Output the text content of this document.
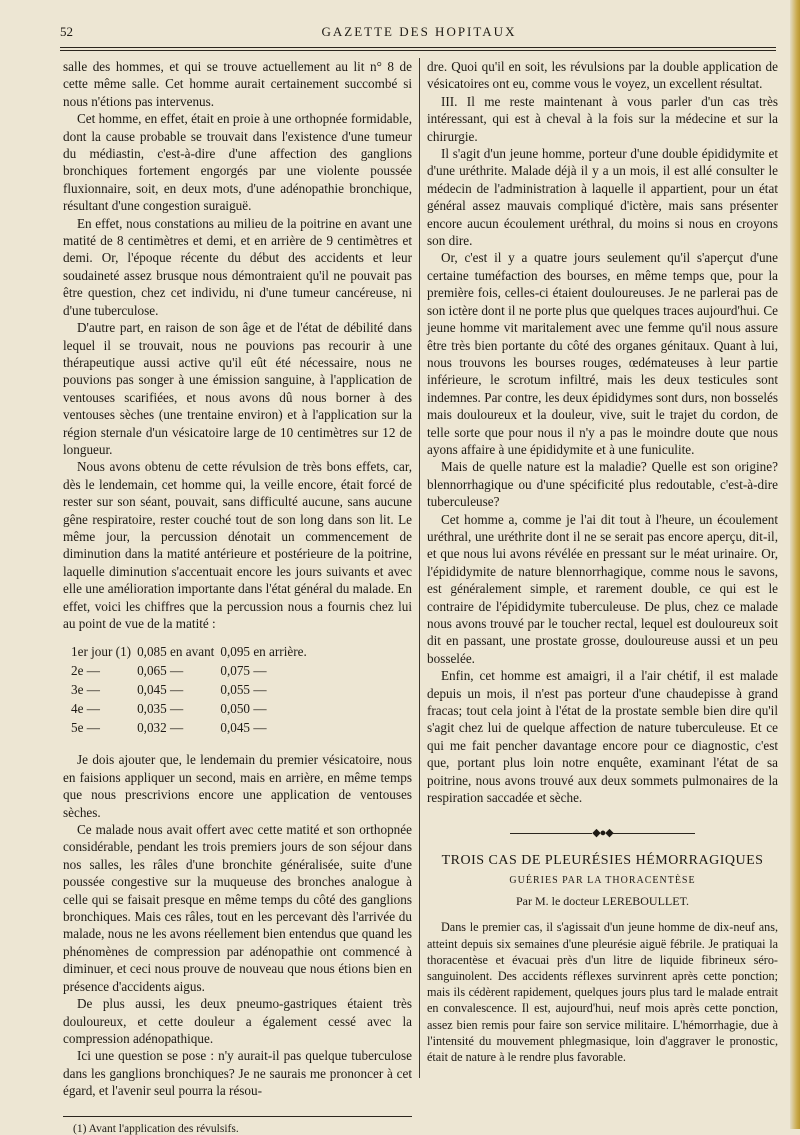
52	GAZETTE DES HOPITAUX

salle des hommes, et qui se trouve actuellement au lit n° 8 de cette même salle. Cet homme aurait certainement succombé si nous n'étions pas intervenus.

Cet homme, en effet, était en proie à une orthopnée formidable, dont la cause probable se trouvait dans l'existence d'une tumeur du médiastin, c'est-à-dire d'une affection des ganglions bronchiques fortement engorgés par une violente poussée fluxionnaire, soit, en deux mots, d'une adénopathie bronchique, résultant d'une congestion suraiguë.

En effet, nous constations au milieu de la poitrine en avant une matité de 8 centimètres et demi, et en arrière de 9 centimètres et demi. Or, l'époque récente du début des accidents et leur soudaineté assez brusque nous démontraient qu'il ne pouvait pas être question, chez cet individu, ni d'une tumeur cancéreuse, ni d'une tuberculose.

D'autre part, en raison de son âge et de l'état de débilité dans lequel il se trouvait, nous ne pouvions pas recourir à une thérapeutique aussi active qu'il eût été nécessaire, nous ne pouvions pas songer à une émission sanguine, à l'application de ventouses scarifiées, et nous avons dû nous borner à des ventouses sèches (une trentaine environ) et à l'application sur la région sternale d'un vésicatoire large de 10 centimètres sur 12 de longueur.

Nous avons obtenu de cette révulsion de très bons effets, car, dès le lendemain, cet homme qui, la veille encore, était forcé de rester sur son séant, pouvait, sans difficulté aucune, sans aucune gêne respiratoire, rester couché tout de son long dans son lit. Le même jour, la percussion dénotait un commencement de diminution dans la matité antérieure et postérieure de la poitrine, laquelle diminution s'accentuait encore les jours suivants et avec elle une amélioration importante dans l'état général du malade. En effet, voici les chiffres que la percussion nous a fournis chez lui au point de vue de la matité :

1er jour (1)	0,085 en avant	0,095 en arrière.
2e —	0,065 —	0,075 —
3e —	0,045 —	0,055 —
4e —	0,035 —	0,050 —
5e —	0,032 —	0,045 —

Je dois ajouter que, le lendemain du premier vésicatoire, nous en faisions appliquer un second, mais en arrière, en même temps que nous prescrivions encore une application de ventouses sèches.

Ce malade nous avait offert avec cette matité et son orthopnée considérable, pendant les trois premiers jours de son séjour dans nos salles, les râles d'une bronchite généralisée, suite d'une poussée congestive sur la muqueuse des bronches analogue à celle qui se faisait presque en même temps du côté des ganglions bronchiques. Mais ces râles, tout en les percevant dès l'arrivée du malade, nous ne les avons réellement bien entendus que quand les phénomènes de compression par adénopathie ont commencé à diminuer, et ceci nous prouve de nouveau que nous étions bien en présence d'accidents aigus.

De plus aussi, les deux pneumo-gastriques étaient très douloureux, et cette douleur a également cessé avec la compression adénopathique.

Ici une question se pose : n'y aurait-il pas quelque tuberculose dans les ganglions bronchiques? Je ne saurais me prononcer à cet égard, et l'avenir seul pourra la résou-

(1) Avant l'application des révulsifs.

dre. Quoi qu'il en soit, les révulsions par la double application de vésicatoires ont eu, comme vous le voyez, un excellent résultat.

III. Il me reste maintenant à vous parler d'un cas très intéressant, qui est à cheval à la fois sur la médecine et sur la chirurgie.

Il s'agit d'un jeune homme, porteur d'une double épididymite et d'une uréthrite. Malade déjà il y a un mois, il est allé consulter le médecin de l'administration à laquelle il appartient, pour un état général assez mauvais compliqué d'ictère, mais sans présenter encore aucun écoulement uréthral, du moins si nous en croyons son dire.

Or, c'est il y a quatre jours seulement qu'il s'aperçut d'une certaine tuméfaction des bourses, en même temps que, pour la première fois, celles-ci étaient douloureuses. Je ne parlerai pas de son ictère dont il ne porte plus que quelques traces aujourd'hui. Ce jeune homme vit maritalement avec une femme qu'il nous assure être très bien portante du côté des organes génitaux. Quant à lui, nous trouvons les bourses rouges, œdémateuses à leur partie inférieure, le scrotum infiltré, mais les deux testicules sont indemnes. Par contre, les deux épididymes sont durs, non bosselés mais douloureux et la douleur, vive, suit le trajet du cordon, de telle sorte que pour nous il n'y a pas le moindre doute que nous ayons affaire à une épididymite et à une funiculite.

Mais de quelle nature est la maladie? Quelle est son origine? blennorrhagique ou d'une spécificité plus redoutable, c'est-à-dire tuberculeuse?

Cet homme a, comme je l'ai dit tout à l'heure, un écoulement uréthral, une uréthrite dont il ne se serait pas encore aperçu, dit-il, et que nous lui avons révélée en pressant sur le méat urinaire. Or, l'épididymite de nature blennorrhagique, comme nous le savons, est généralement simple, et rarement double, ce qui est le contraire de l'épididymite tuberculeuse. De plus, chez ce malade nous avons trouvé par le toucher rectal, lequel est douloureux soit dit en passant, une prostate grosse, douloureuse aussi et un peu bosselée.

Enfin, cet homme est amaigri, il a l'air chétif, il est malade depuis un mois, il n'est pas porteur d'une chaudepisse à grand fracas; tout cela joint à l'état de la prostate semble bien dire qu'il s'agit chez lui de quelque affection de nature tuberculeuse. Et ce qui me fait pencher davantage encore pour ce diagnostic, c'est que, portant plus loin notre enquête, examinant l'état de sa poitrine, nous avons trouvé aux deux sommets pulmonaires de la respiration saccadée et sèche.

◆●◆
TROIS CAS DE PLEURÉSIES HÉMORRAGIQUES
GUÉRIES PAR LA THORACENTÈSE
Par M. le docteur LEREBOULLET.

Dans le premier cas, il s'agissait d'un jeune homme de dix-neuf ans, atteint depuis six semaines d'une pleurésie aiguë fébrile. Je pratiquai la thoracentèse et évacuai près d'un litre de liquide fibrineux séro-sanguinolent. Des accidents réflexes survinrent après cette ponction; mais ils cédèrent rapidement, quelques jours plus tard le malade entrait en convalescence. Il est, aujourd'hui, neuf mois après cette ponction, assez bien remis pour faire son service militaire. L'hémorrhagie, due à l'intensité du mouvement phlegmasique, loin d'aggraver le pronostic, était de nature à le rendre plus favorable.
